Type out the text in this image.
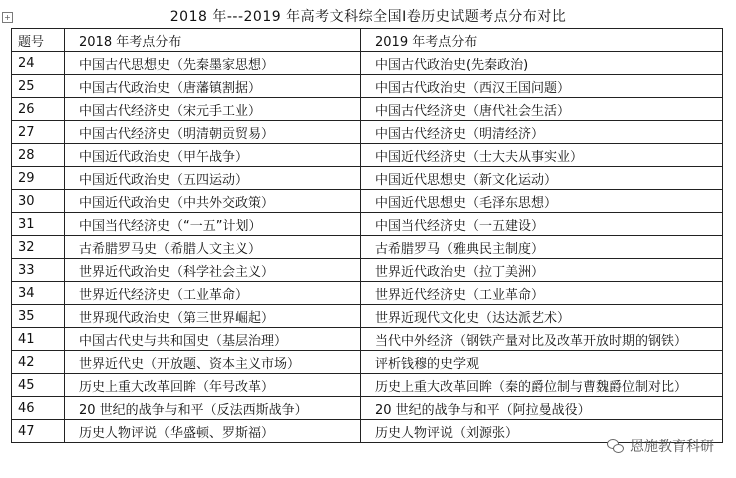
2018 年---2019 年高考文科综全国Ⅰ卷历史试题考点分布对比
+
题号	2018 年考点分布	2019 年考点分布
24	中国古代思想史（先秦墨家思想）	中国古代政治史(先秦政治)
25	中国古代政治史（唐藩镇割据）	中国古代政治史（西汉王国问题）
26	中国古代经济史（宋元手工业）	中国古代经济史（唐代社会生活）
27	中国古代经济史（明清朝贡贸易）	中国古代经济史（明清经济）
28	中国近代政治史（甲午战争）	中国近代经济史（士大夫从事实业）
29	中国近代政治史（五四运动）	中国近代思想史（新文化运动）
30	中国近代政治史（中共外交政策）	中国近代思想史（毛泽东思想）
31	中国当代经济史（“一五”计划）	中国当代经济史（一五建设）
32	古希腊罗马史（希腊人文主义）	古希腊罗马（雅典民主制度）
33	世界近代政治史（科学社会主义）	世界近代政治史（拉丁美洲）
34	世界近代经济史（工业革命）	世界近代经济史（工业革命）
35	世界现代政治史（第三世界崛起）	世界近现代文化史（达达派艺术）
41	中国古代史与共和国史（基层治理）	当代中外经济（钢铁产量对比及改革开放时期的钢铁）
42	世界近代史（开放题、资本主义市场）	评析钱穆的史学观
45	历史上重大改革回眸（年号改革）	历史上重大改革回眸（秦的爵位制与曹魏爵位制对比）
46	20 世纪的战争与和平（反法西斯战争）	20 世纪的战争与和平（阿拉曼战役）
47	历史人物评说（华盛顿、罗斯福）	历史人物评说（刘源张）
恩施教育科研
